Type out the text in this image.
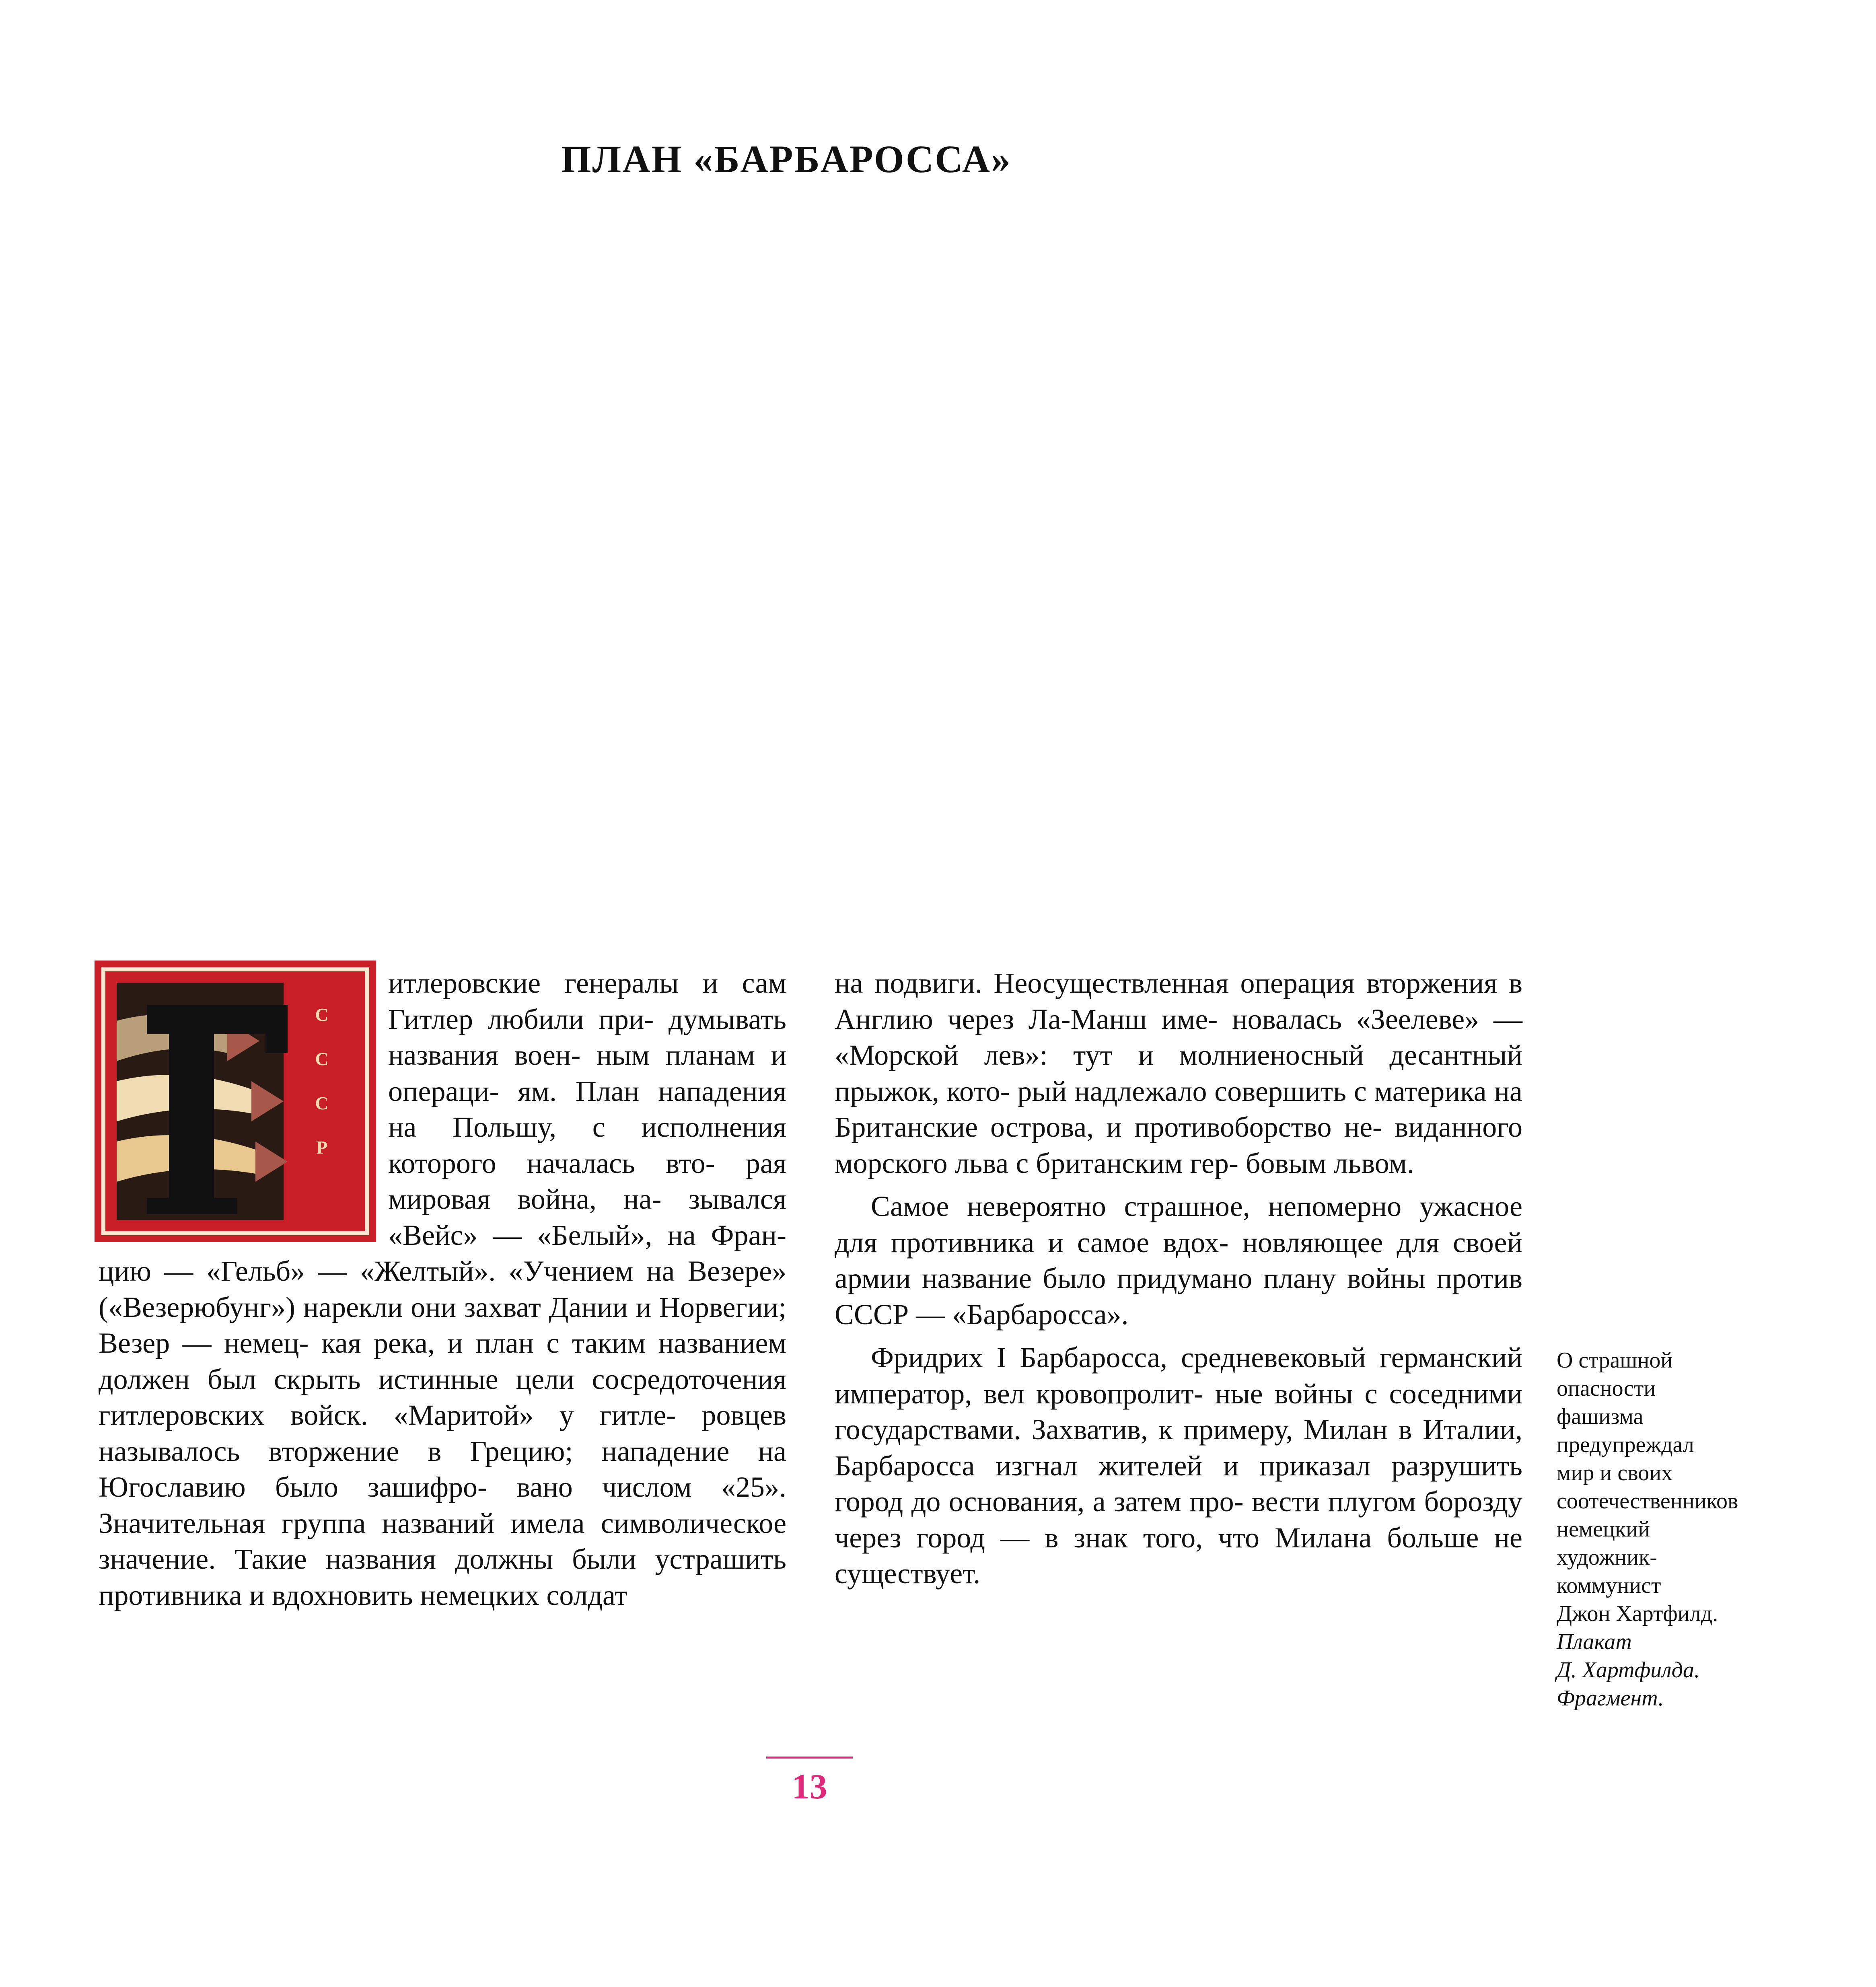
ПЛАН «БАРБАРОССА»
С
С
С
Р

итлеровские генералы и сам Гитлер любили при- думывать названия воен- ным планам и операци- ям. План нападения на Польшу, с исполнения которого началась вто- рая мировая война, на- зывался «Вейс» — «Белый», на Фран- цию — «Гельб» — «Желтый». «Учением на Везере» («Везерюбунг») нарекли они захват Дании и Норвегии; Везер — немец- кая река, и план с таким названием должен был скрыть истинные цели сосредоточения гитлеровских войск. «Маритой» у гитле- ровцев называлось вторжение в Грецию; нападение на Югославию было зашифро- вано числом «25». Значительная группа названий имела символическое значение. Такие названия должны были устрашить противника и вдохновить немецких солдат

на подвиги. Неосуществленная операция вторжения в Англию через Ла-Манш име- новалась «Зеелеве» — «Морской лев»: тут и молниеносный десантный прыжок, кото- рый надлежало совершить с материка на Британские острова, и противоборство не- виданного морского льва с британским гер- бовым львом.

Самое невероятно страшное, непомерно ужасное для противника и самое вдох- новляющее для своей армии название было придумано плану войны против СССР — «Барбаросса».

Фридрих I Барбаросса, средневековый германский император, вел кровопролит- ные войны с соседними государствами. Захватив, к примеру, Милан в Италии, Барбаросса изгнал жителей и приказал разрушить город до основания, а затем про- вести плугом борозду через город — в знак того, что Милана больше не существует.

О страшной
опасности
фашизма
предупреждал
мир и своих
соотечественников
немецкий
художник-
коммунист
Джон Хартфилд.
Плакат
Д. Хартфилда.
Фрагмент.
13
